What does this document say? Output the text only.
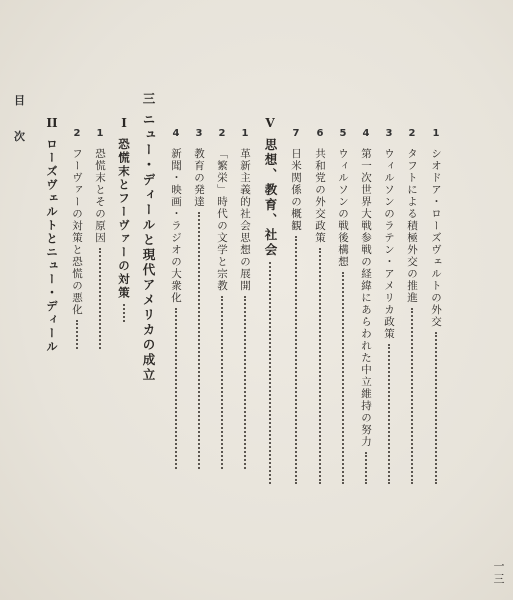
1
シオドア・ローズヴェルトの外交
2
タフトによる積極外交の推進
3
ウィルソンのラテン・アメリカ政策
4
第一次世界大戦参戦の経緯にあらわれた中立維持の努力
5
ウィルソンの戦後構想
6
共和党の外交政策
7
日米関係の概観
V
思想、教育、社会
1
革新主義的社会思想の展開
2
「繁栄」時代の文学と宗教
3
教育の発達
4
新聞・映画・ラジオの大衆化
三
ニュー・ディールと現代アメリカの成立
I
恐慌末とフーヴァーの対策
1
恐慌末とその原因
2
フーヴァーの対策と恐慌の悪化
II
ローズヴェルトとニュー・ディール
目
次
一三
